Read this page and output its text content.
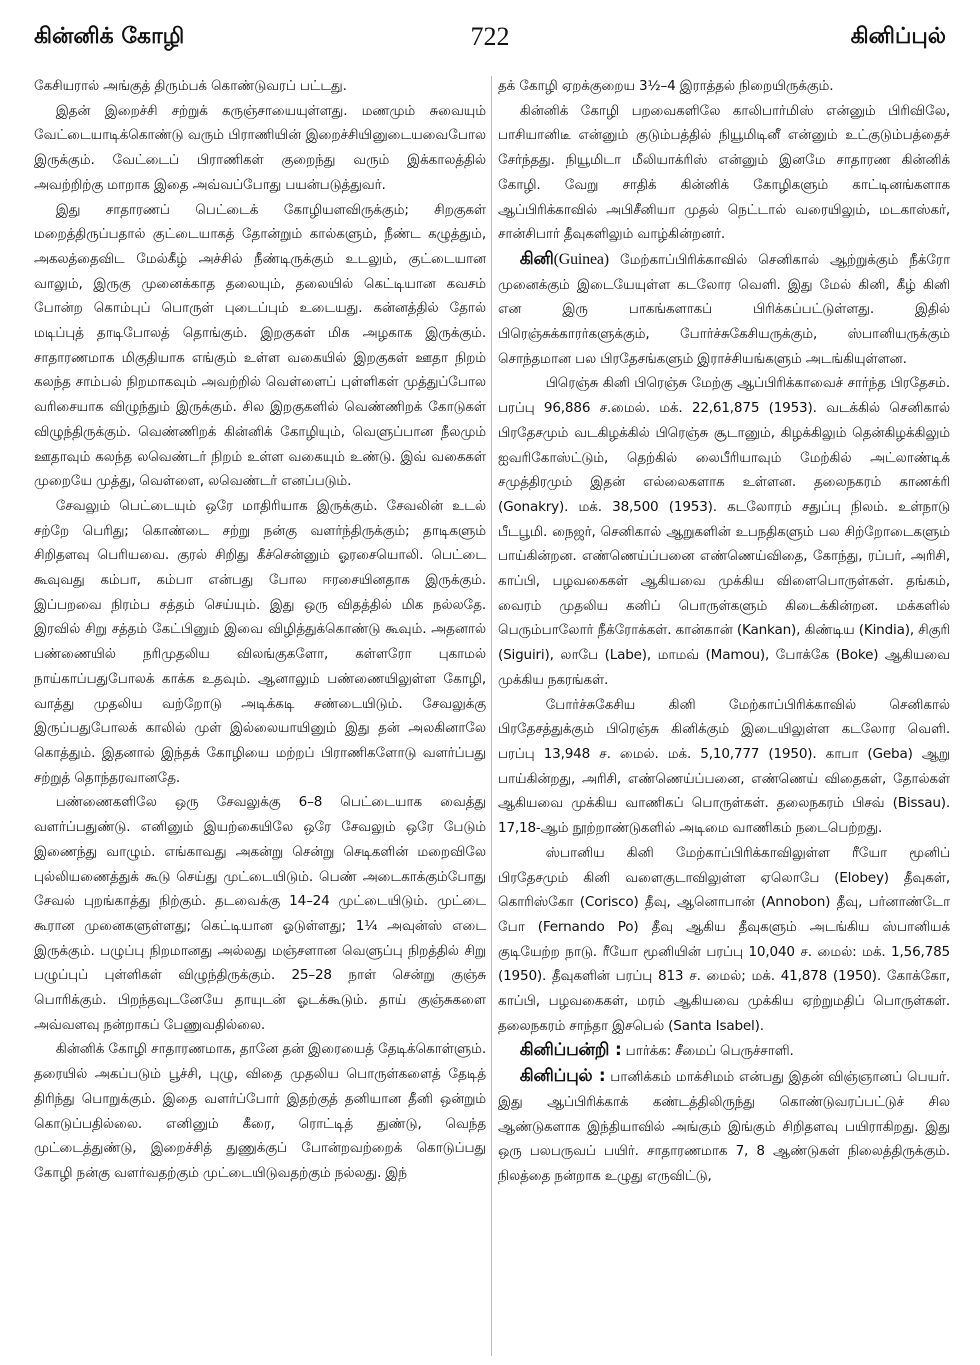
கின்னிக் கோழி	722	கினிப்புல்

கேசியரால் அங்குத் திரும்பக் கொண்டுவரப் பட்டது.

இதன் இறைச்சி சற்றுக் கருஞ்சாயையுள்ளது. மணமும் சுவையும் வேட்டையாடிக்கொண்டு வரும் பிராணியின் இறைச்சியினுடையவைபோல இருக்கும். வேட்டைப் பிராணிகள் குறைந்து வரும் இக்காலத்தில் அவற்றிற்கு மாறாக இதை அவ்வப்போது பயன்படுத்துவர்.

இது சாதாரணப் பெட்டைக் கோழியளவிருக்கும்; சிறகுகள் மறைத்திருப்பதால் குட்டையாகத் தோன்றும் கால்களும், நீண்ட கழுத்தும், அகலத்தைவிட மேல்கீழ் அச்சில் நீண்டிருக்கும் உடலும், குட்டையான வாலும், இருகு முனைக்காத தலையும், தலையில் கெட்டியான கவசம் போன்ற கொம்புப் பொருள் புடைப்பும் உடையது. கன்னத்தில் தோல் மடிப்புத் தாடிபோலத் தொங்கும். இறகுகள் மிக அழகாக இருக்கும். சாதாரணமாக மிகுதியாக எங்கும் உள்ள வகையில் இறகுகள் ஊதா நிறம் கலந்த சாம்பல் நிறமாகவும் அவற்றில் வெள்ளைப் புள்ளிகள் முத்துப்போல வரிசையாக விழுந்தும் இருக்கும். சில இறகுகளில் வெண்ணிறக் கோடுகள் விழுந்திருக்கும். வெண்ணிறக் கின்னிக் கோழியும், வெளுப்பான நீலமும் ஊதாவும் கலந்த லவெண்டர் நிறம் உள்ள வகையும் உண்டு. இவ் வகைகள் முறையே முத்து, வெள்ளை, லவெண்டர் எனப்படும்.

சேவலும் பெட்டையும் ஒரே மாதிரியாக இருக்கும். சேவலின் உடல் சற்றே பெரிது; கொண்டை சற்று நன்கு வளர்ந்திருக்கும்; தாடிகளும் சிறிதளவு பெரியவை. குரல் சிறிது கீச்சென்னும் ஓரசையொலி. பெட்டை கூவுவது கம்பா, கம்பா என்பது போல ஈரசையினதாக இருக்கும். இப்பறவை நிரம்ப சத்தம் செய்யும். இது ஒரு விதத்தில் மிக நல்லதே. இரவில் சிறு சத்தம் கேட்பினும் இவை விழித்துக்கொண்டு கூவும். அதனால் பண்ணையில் நரிமுதலிய விலங்குகளோ, கள்ளரோ புகாமல் நாய்காப்பதுபோலக் காக்க உதவும். ஆனாலும் பண்ணையிலுள்ள கோழி, வாத்து முதலிய வற்றோடு அடிக்கடி சண்டையிடும். சேவலுக்கு இருப்பதுபோலக் காலில் முள் இல்லையாயினும் இது தன் அலகினாலே கொத்தும். இதனால் இந்தக் கோழியை மற்றப் பிராணிகளோடு வளர்ப்பது சற்றுத் தொந்தரவானதே.

பண்ணைகளிலே ஒரு சேவலுக்கு 6–8 பெட்டையாக வைத்து வளர்ப்பதுண்டு. எனினும் இயற்கையிலே ஒரே சேவலும் ஒரே பேடும் இணைந்து வாழும். எங்காவது அகன்று சென்று செடிகளின் மறைவிலே புல்லியணைத்துக் கூடு செய்து முட்டையிடும். பெண் அடைகாக்கும்போது சேவல் புறங்காத்து நிற்கும். தடவைக்கு 14–24 முட்டையிடும். முட்டை கூரான முனைகளுள்ளது; கெட்டியான ஓடுள்ளது; 1¼ அவுன்ஸ் எடை இருக்கும். பழுப்பு நிறமானது அல்லது மஞ்சளான வெளுப்பு நிறத்தில் சிறு பழுப்புப் புள்ளிகள் விழுந்திருக்கும். 25–28 நாள் சென்று குஞ்சு பொரிக்கும். பிறந்தவுடனேயே தாயுடன் ஓடக்கூடும். தாய் குஞ்சுகளை அவ்வளவு நன்றாகப் பேணுவதில்லை.

கின்னிக் கோழி சாதாரணமாக, தானே தன் இரையைத் தேடிக்கொள்ளும். தரையில் அகப்படும் பூச்சி, புழு, விதை முதலிய பொருள்களைத் தேடித் திரிந்து பொறுக்கும். இதை வளர்ப்போர் இதற்குத் தனியான தீனி ஒன்றும் கொடுப்பதில்லை. எனினும் கீரை, ரொட்டித் துண்டு, வெந்த முட்டைத்துண்டு, இறைச்சித் துணுக்குப் போன்றவற்றைக் கொடுப்பது கோழி நன்கு வளர்வதற்கும் முட்டையிடுவதற்கும் நல்லது. இந்

தக் கோழி ஏறக்குறைய 3½–4 இராத்தல் நிறையிருக்கும்.

கின்னிக் கோழி பறவைகளிலே காலிபார்மிஸ் என்னும் பிரிவிலே, பாசியானிடீ என்னும் குடும்பத்தில் நியூமிடினீ என்னும் உட்குடும்பத்தைச் சேர்ந்தது. நியூமிடா மீலியாக்ரிஸ் என்னும் இனமே சாதாரண கின்னிக் கோழி. வேறு சாதிக் கின்னிக் கோழிகளும் காட்டினங்களாக ஆப்பிரிக்காவில் அபிசீனியா முதல் நெட்டால் வரையிலும், மடகாஸ்கர், சான்சிபார் தீவுகளிலும் வாழ்கின்றனர்.

கினி(Guinea) மேற்காப்பிரிக்காவில் செனிகால் ஆற்றுக்கும் நீக்ரோ முனைக்கும் இடையேயுள்ள கடலோர வெளி. இது மேல் கினி, கீழ் கினி என இரு பாகங்களாகப் பிரிக்கப்பட்டுள்ளது. இதில் பிரெஞ்சுக்காரர்களுக்கும், போர்ச்சுகேசியருக்கும், ஸ்பானியருக்கும் சொந்தமான பல பிரதேசங்களும் இராச்சியங்களும் அடங்கியுள்ளன.

பிரெஞ்சு கினி பிரெஞ்சு மேற்கு ஆப்பிரிக்காவைச் சார்ந்த பிரதேசம். பரப்பு 96,886 ச.மைல். மக். 22,61,875 (1953). வடக்கில் செனிகால் பிரதேசமும் வடகிழக்கில் பிரெஞ்சு சூடானும், கிழக்கிலும் தென்கிழக்கிலும் ஐவரிகோஸ்ட்டும், தெற்கில் லைபீரியாவும் மேற்கில் அட்லாண்டிக் சமுத்திரமும் இதன் எல்லைகளாக உள்ளன. தலைநகரம் காணக்ரி (Gonakry). மக். 38,500 (1953). கடலோரம் சதுப்பு நிலம். உள்நாடு பீடபூமி. நைஜர், செனிகால் ஆறுகளின் உபநதிகளும் பல சிற்றோடைகளும் பாய்கின்றன. எண்ணெய்ப்பனை எண்ணெய்விதை, கோந்து, ரப்பர், அரிசி, காப்பி, பழவகைகள் ஆகியவை முக்கிய விளைபொருள்கள். தங்கம், வைரம் முதலிய கனிப் பொருள்களும் கிடைக்கின்றன. மக்களில் பெரும்பாலோர் நீக்ரோக்கள். கான்கான் (Kankan), கிண்டிய (Kindia), சிகுரி (Siguiri), லாபே (Labe), மாமவ் (Mamou), போக்கே (Boke) ஆகியவை முக்கிய நகரங்கள்.

போர்ச்சுகேசிய கினி மேற்காப்பிரிக்காவில் செனிகால் பிரதேசத்துக்கும் பிரெஞ்சு கினிக்கும் இடையிலுள்ள கடலோர வெளி. பரப்பு 13,948 ச. மைல். மக். 5,10,777 (1950). காபா (Geba) ஆறு பாய்கின்றது, அரிசி, எண்ணெய்ப்பனை, எண்ணெய் விதைகள், தோல்கள் ஆகியவை முக்கிய வாணிகப் பொருள்கள். தலைநகரம் பிசவ் (Bissau). 17,18-ஆம் நூற்றாண்டுகளில் அடிமை வாணிகம் நடைபெற்றது.

ஸ்பானிய கினி மேற்காப்பிரிக்காவிலுள்ள ரீயோ மூனிப் பிரதேசமும் கினி வளைகுடாவிலுள்ள ஏலொபே (Elobey) தீவுகள், கொரிஸ்கோ (Corisco) தீவு, ஆனொபான் (Annobon) தீவு, பர்னாண்டோ போ (Fernando Po) தீவு ஆகிய தீவுகளும் அடங்கிய ஸ்பானியக் குடியேற்ற நாடு. ரீயோ மூனியின் பரப்பு 10,040 ச. மைல்: மக். 1,56,785 (1950). தீவுகளின் பரப்பு 813 ச. மைல்; மக். 41,878 (1950). கோக்கோ, காப்பி, பழவகைகள், மரம் ஆகியவை முக்கிய ஏற்றுமதிப் பொருள்கள். தலைநகரம் சாந்தா இசபெல் (Santa Isabel).

கினிப்பன்றி : பார்க்க: சீமைப் பெருச்சாளி.

கினிப்புல் : பானிக்கம் மாக்சிமம் என்பது இதன் விஞ்ஞானப் பெயர். இது ஆப்பிரிக்காக் கண்டத்திலிருந்து கொண்டுவரப்பட்டுச் சில ஆண்டுகளாக இந்தியாவில் அங்கும் இங்கும் சிறிதளவு பயிராகிறது. இது ஒரு பலபருவப் பயிர். சாதாரணமாக 7, 8 ஆண்டுகள் நிலைத்திருக்கும். நிலத்தை நன்றாக உழுது எருவிட்டு,
